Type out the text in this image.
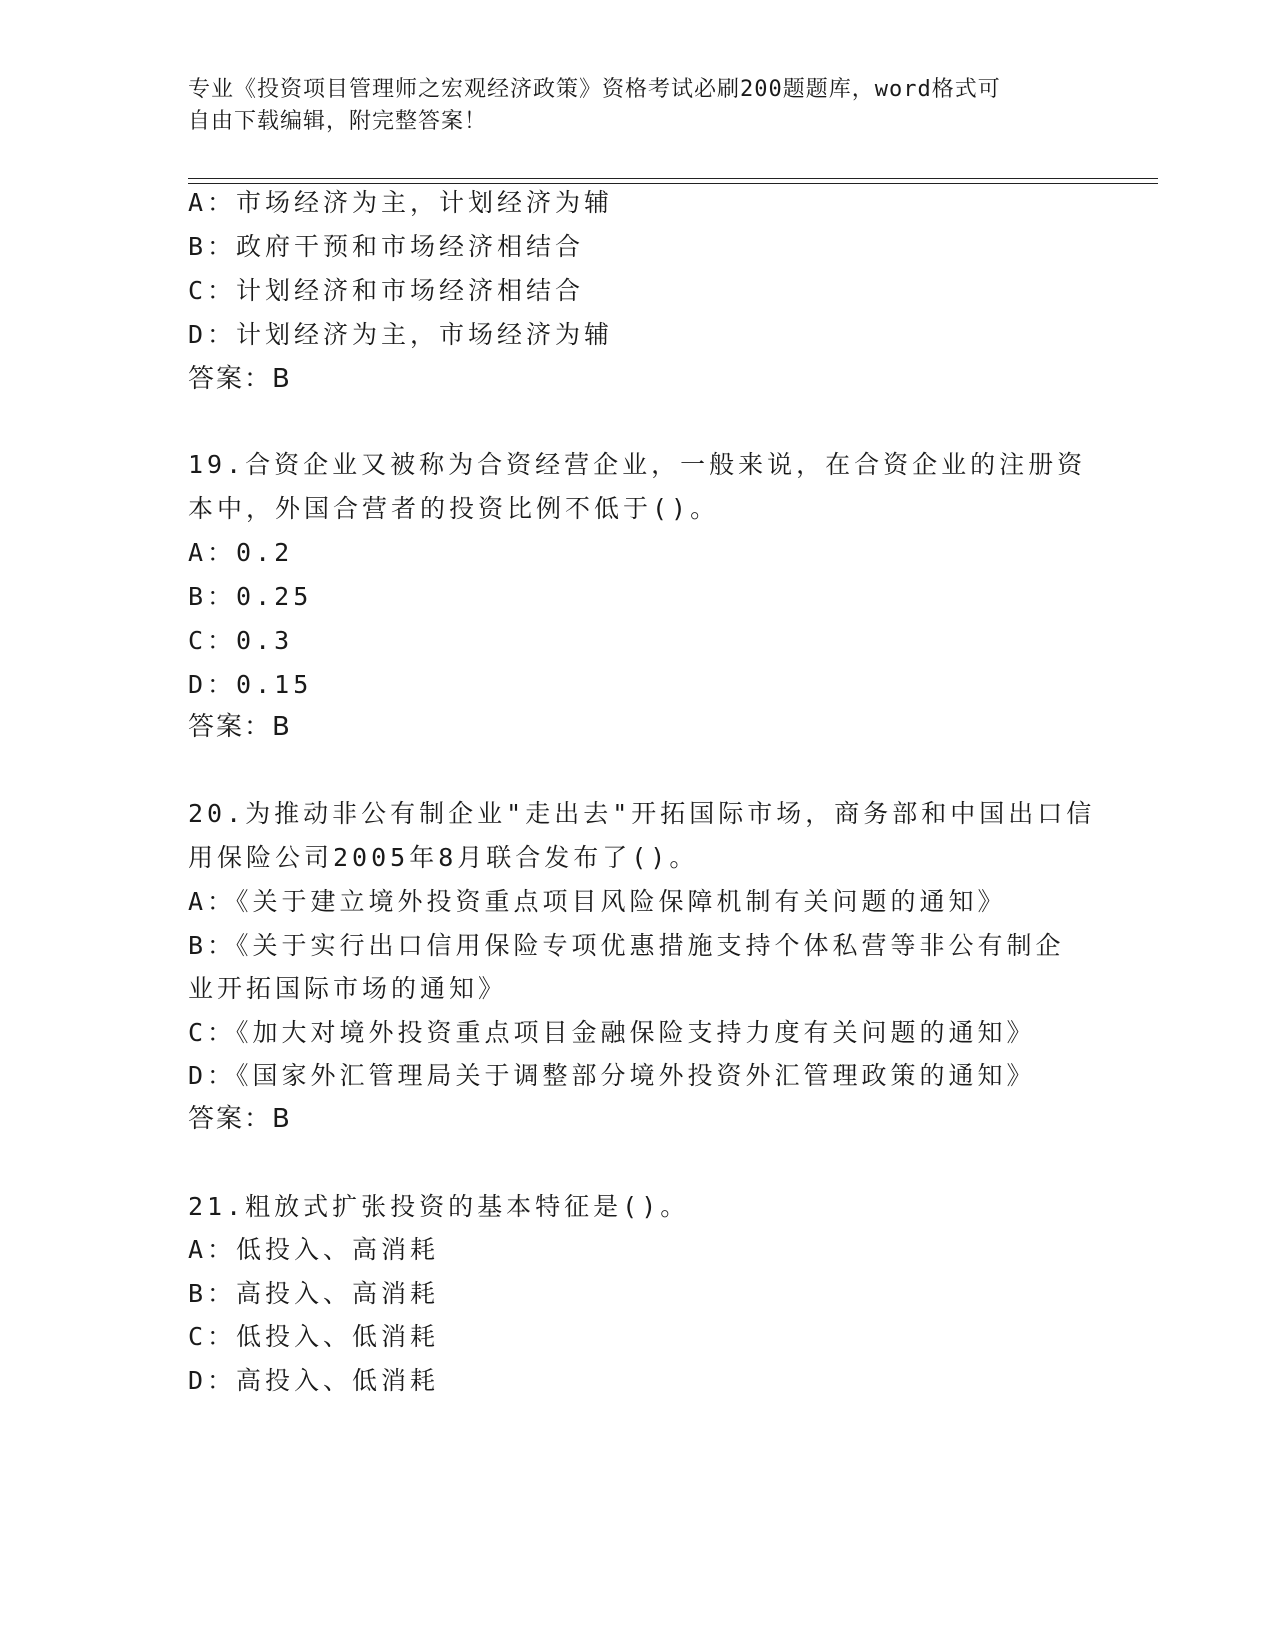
专业《投资项目管理师之宏观经济政策》资格考试必刷200题题库，word格式可
自由下载编辑，附完整答案！
A：市场经济为主，计划经济为辅
B：政府干预和市场经济相结合
C：计划经济和市场经济相结合
D：计划经济为主，市场经济为辅
答案：B
19.合资企业又被称为合资经营企业，一般来说，在合资企业的注册资
本中，外国合营者的投资比例不低于()。
A：0.2
B：0.25
C：0.3
D：0.15
答案：B
20.为推动非公有制企业"走出去"开拓国际市场，商务部和中国出口信
用保险公司2005年8月联合发布了()。
A：《关于建立境外投资重点项目风险保障机制有关问题的通知》
B：《关于实行出口信用保险专项优惠措施支持个体私营等非公有制企
业开拓国际市场的通知》
C：《加大对境外投资重点项目金融保险支持力度有关问题的通知》
D：《国家外汇管理局关于调整部分境外投资外汇管理政策的通知》
答案：B
21.粗放式扩张投资的基本特征是()。
A：低投入、高消耗
B：高投入、高消耗
C：低投入、低消耗
D：高投入、低消耗
